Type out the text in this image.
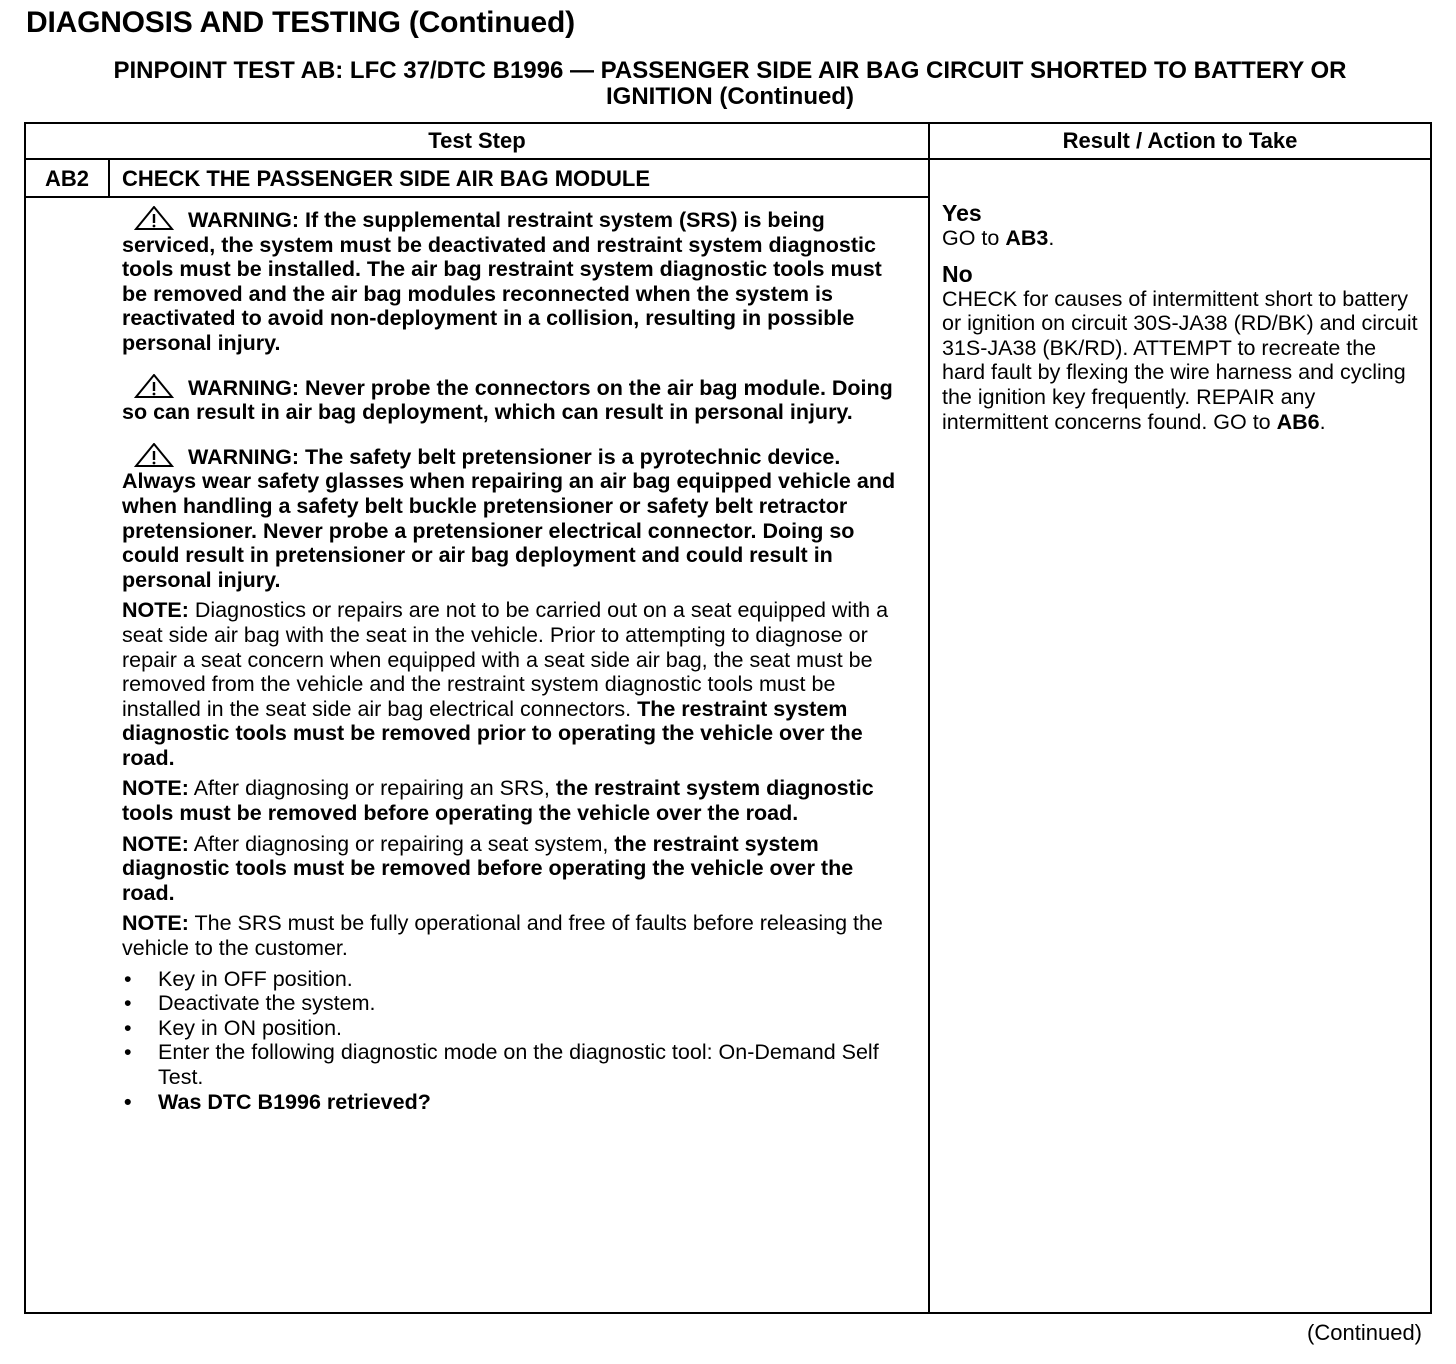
DIAGNOSIS AND TESTING (Continued)
PINPOINT TEST AB: LFC 37/DTC B1996 — PASSENGER SIDE AIR BAG CIRCUIT SHORTED TO BATTERY OR IGNITION (Continued)
Test Step	Result / Action to Take
AB2	CHECK THE PASSENGER SIDE AIR BAG MODULE

WARNING: If the supplemental restraint system (SRS) is being serviced, the system must be deactivated and restraint system diagnostic tools must be installed. The air bag restraint system diagnostic tools must be removed and the air bag modules reconnected when the system is reactivated to avoid non-deployment in a collision, resulting in possible personal injury.

WARNING: Never probe the connectors on the air bag module. Doing so can result in air bag deployment, which can result in personal injury.

WARNING: The safety belt pretensioner is a pyrotechnic device. Always wear safety glasses when repairing an air bag equipped vehicle and when handling a safety belt buckle pretensioner or safety belt retractor pretensioner. Never probe a pretensioner electrical connector. Doing so could result in pretensioner or air bag deployment and could result in personal injury.

NOTE: Diagnostics or repairs are not to be carried out on a seat equipped with a seat side air bag with the seat in the vehicle. Prior to attempting to diagnose or repair a seat concern when equipped with a seat side air bag, the seat must be removed from the vehicle and the restraint system diagnostic tools must be installed in the seat side air bag electrical connectors. The restraint system diagnostic tools must be removed prior to operating the vehicle over the road.

NOTE: After diagnosing or repairing an SRS, the restraint system diagnostic tools must be removed before operating the vehicle over the road.

NOTE: After diagnosing or repairing a seat system, the restraint system diagnostic tools must be removed before operating the vehicle over the road.

NOTE: The SRS must be fully operational and free of faults before releasing the vehicle to the customer.

• Key in OFF position.
• Deactivate the system.
• Key in ON position.
• Enter the following diagnostic mode on the diagnostic tool: On-Demand Self Test.
• Was DTC B1996 retrieved?
Yes
GO to AB3.
No
CHECK for causes of intermittent short to battery or ignition on circuit 30S-JA38 (RD/BK) and circuit 31S-JA38 (BK/RD). ATTEMPT to recreate the hard fault by flexing the wire harness and cycling the ignition key frequently. REPAIR any intermittent concerns found. GO to AB6.
(Continued)
